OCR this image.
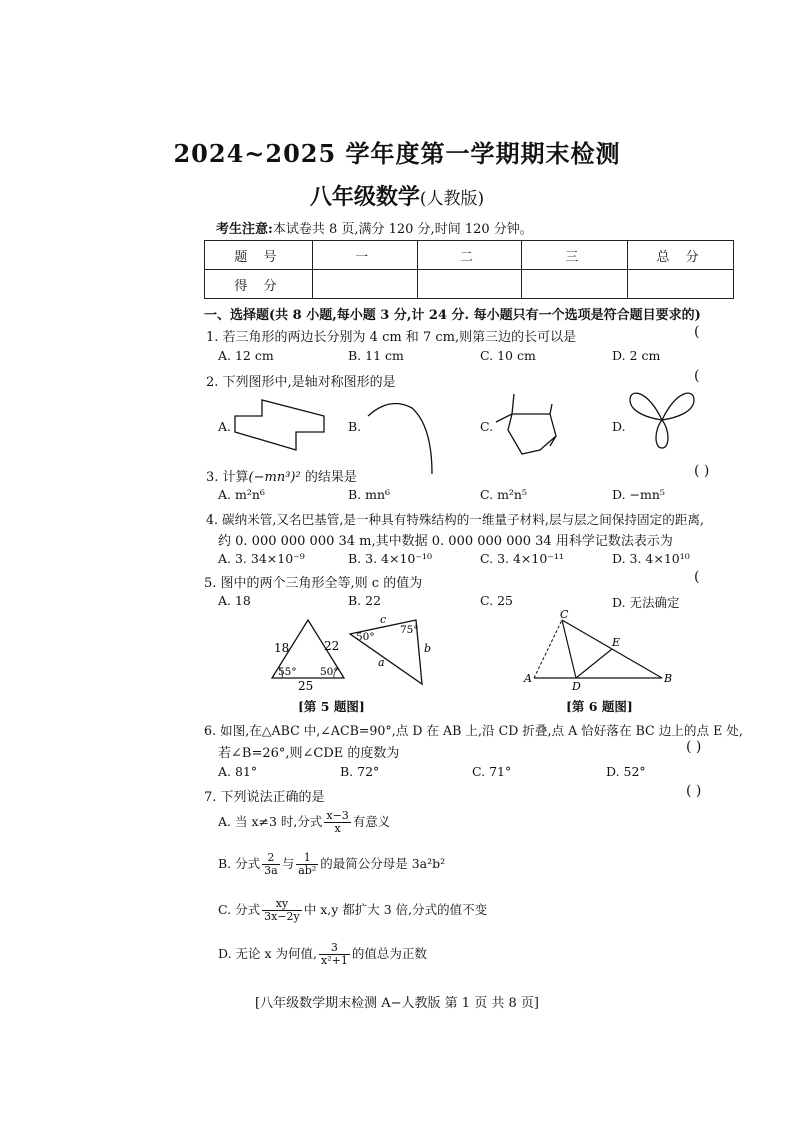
2024~2025 学年度第一学期期末检测
八年级数学(人教版)
考生注意:本试卷共 8 页,满分 120 分,时间 120 分钟。
题 号	一	二	三	总 分
得 分				
一、选择题(共 8 小题,每小题 3 分,计 24 分. 每小题只有一个选项是符合题目要求的)
1. 若三角形的两边长分别为 4 cm 和 7 cm,则第三边的长可以是	(
A. 12 cm	B. 11 cm	C. 10 cm	D. 2 cm
2. 下列图形中,是轴对称图形的是	(
A.	B.	C.	D.
3. 计算(−mn³)² 的结果是	( )
A. m²n⁶	B. mn⁶	C. m²n⁵	D. −mn⁵
4. 碳纳米管,又名巴基管,是一种具有特殊结构的一维量子材料,层与层之间保持固定的距离,
约 0. 000 000 000 34 m,其中数据 0. 000 000 000 34 用科学记数法表示为
A. 3. 34×10⁻⁹	B. 3. 4×10⁻¹⁰	C. 3. 4×10⁻¹¹	D. 3. 4×10¹⁰
5. 图中的两个三角形全等,则 c 的值为	(
A. 18	B. 22	C. 25	D. 无法确定
18	22
25
55° 50°
50°
75°
c
a
b
[第 5 题图]
C
E
A
D
B
[第 6 题图]
6. 如图,在△ABC 中,∠ACB=90°,点 D 在 AB 上,沿 CD 折叠,点 A 恰好落在 BC 边上的点 E 处,
若∠B=26°,则∠CDE 的度数为	( )
A. 81°	B. 72°	C. 71°	D. 52°
7. 下列说法正确的是	( )
A. 当 x≠3 时,分式 $\frac{x-3}{x}$ 有意义
B. 分式 $\frac{2}{3a}$ 与 $\frac{1}{\text{ab²}}$ 的最简公分母是 3a²b²
C. 分式 $\frac{xy}{3x-2y}$ 中 x,y 都扩大 3 倍,分式的值不变
D. 无论 x 为何值, $\frac{3}{\text{x²+1}}$ 的值总为正数
[八年级数学期末检测 A−人教版 第 1 页 共 8 页]
